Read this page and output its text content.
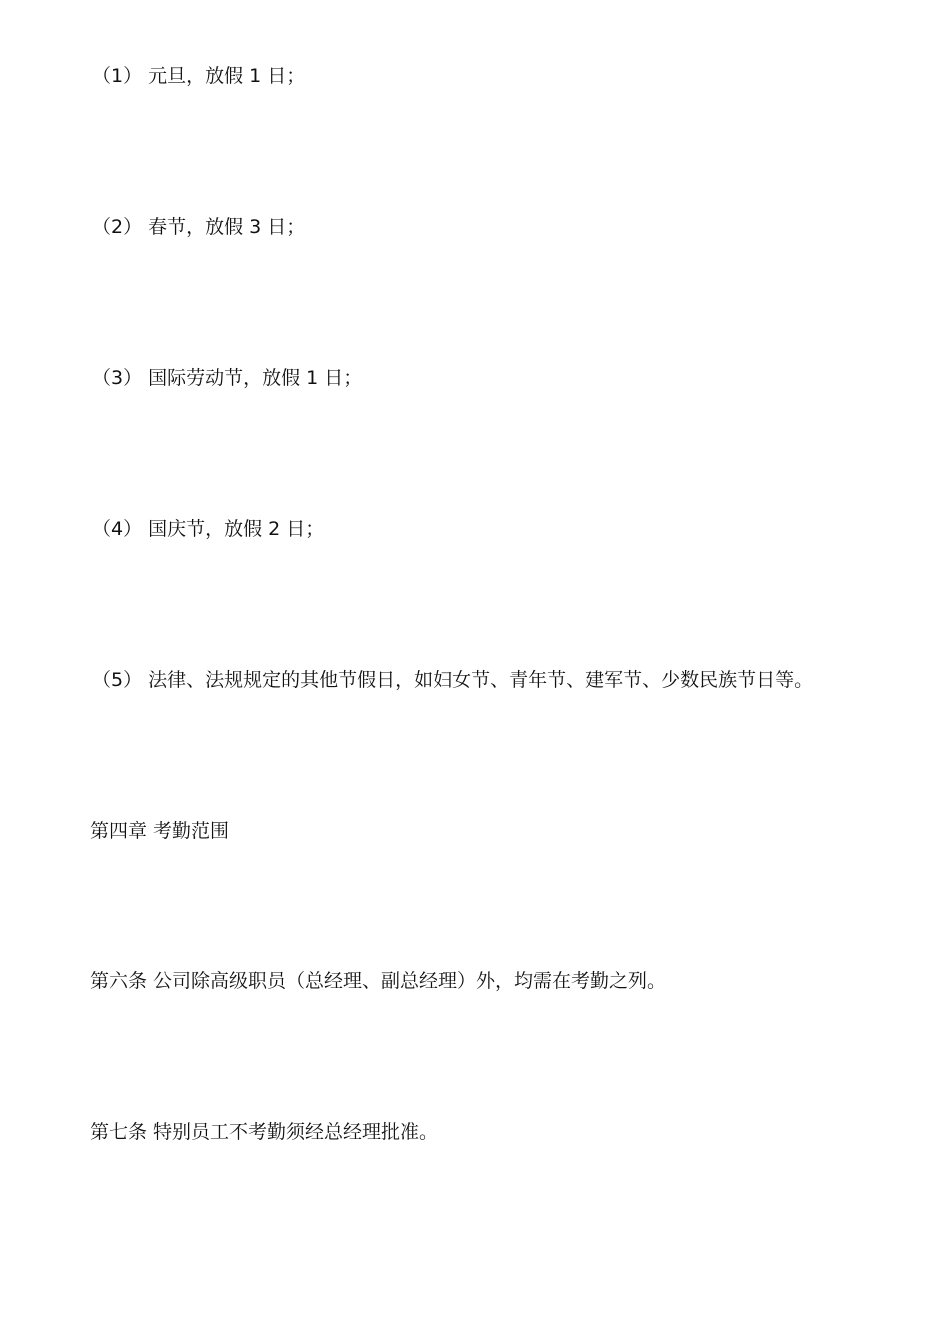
（1） 元旦，放假 1 日；
（2） 春节，放假 3 日；
（3） 国际劳动节，放假 1 日；
（4） 国庆节，放假 2 日；
（5） 法律、法规规定的其他节假日，如妇女节、青年节、建军节、少数民族节日等。
第四章 考勤范围
第六条 公司除高级职员（总经理、副总经理）外，均需在考勤之列。
第七条 特别员工不考勤须经总经理批准。
